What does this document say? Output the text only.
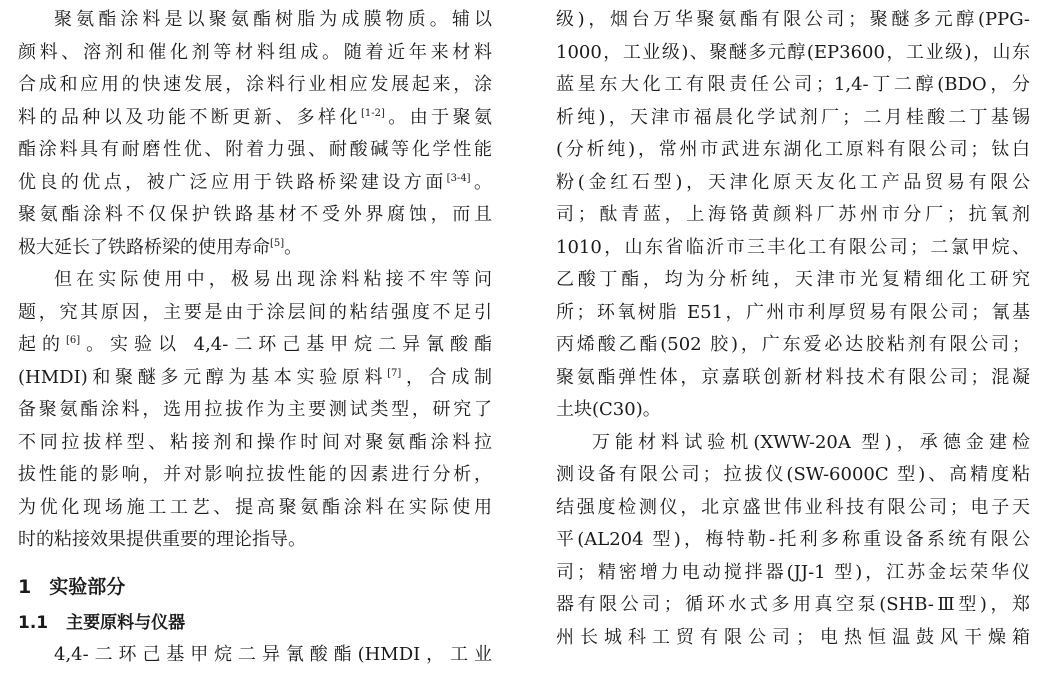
聚氨酯涂料是以聚氨酯树脂为成膜物质。辅以
颜料、溶剂和催化剂等材料组成。随着近年来材料
合成和应用的快速发展，涂料行业相应发展起来，涂
料的品种以及功能不断更新、多样化[1-2]。由于聚氨
酯涂料具有耐磨性优、附着力强、耐酸碱等化学性能
优良的优点，被广泛应用于铁路桥梁建设方面[3-4]。
聚氨酯涂料不仅保护铁路基材不受外界腐蚀，而且
极大延长了铁路桥梁的使用寿命[5]。
但在实际使用中，极易出现涂料粘接不牢等问
题，究其原因，主要是由于涂层间的粘结强度不足引
起的[6]。实验以 4,4-二环己基甲烷二异氰酸酯
(HMDI)和聚醚多元醇为基本实验原料[7]，合成制
备聚氨酯涂料，选用拉拔作为主要测试类型，研究了
不同拉拔样型、粘接剂和操作时间对聚氨酯涂料拉
拔性能的影响，并对影响拉拔性能的因素进行分析，
为优化现场施工工艺、提高聚氨酯涂料在实际使用
时的粘接效果提供重要的理论指导。
1 实验部分
1.1 主要原料与仪器
4,4-二环己基甲烷二异氰酸酯(HMDI，工业
级)，烟台万华聚氨酯有限公司；聚醚多元醇(PPG-
1000，工业级)、聚醚多元醇(EP3600，工业级)，山东
蓝星东大化工有限责任公司；1,4-丁二醇(BDO，分
析纯)，天津市福晨化学试剂厂；二月桂酸二丁基锡
(分析纯)，常州市武进东湖化工原料有限公司；钛白
粉(金红石型)，天津化原天友化工产品贸易有限公
司；酞青蓝，上海铬黄颜料厂苏州市分厂；抗氧剂
1010，山东省临沂市三丰化工有限公司；二氯甲烷、
乙酸丁酯，均为分析纯，天津市光复精细化工研究
所；环氧树脂 E51，广州市利厚贸易有限公司；氰基
丙烯酸乙酯(502 胶)，广东爱必达胶粘剂有限公司；
聚氨酯弹性体，京嘉联创新材料技术有限公司；混凝
土块(C30)。
万能材料试验机(XWW-20A 型)，承德金建检
测设备有限公司；拉拔仪(SW-6000C 型)、高精度粘
结强度检测仪，北京盛世伟业科技有限公司；电子天
平(AL204 型)，梅特勒-托利多称重设备系统有限公
司；精密增力电动搅拌器(JJ-1 型)，江苏金坛荣华仪
器有限公司；循环水式多用真空泵(SHB-Ⅲ型)，郑
州长城科工贸有限公司；电热恒温鼓风干燥箱
